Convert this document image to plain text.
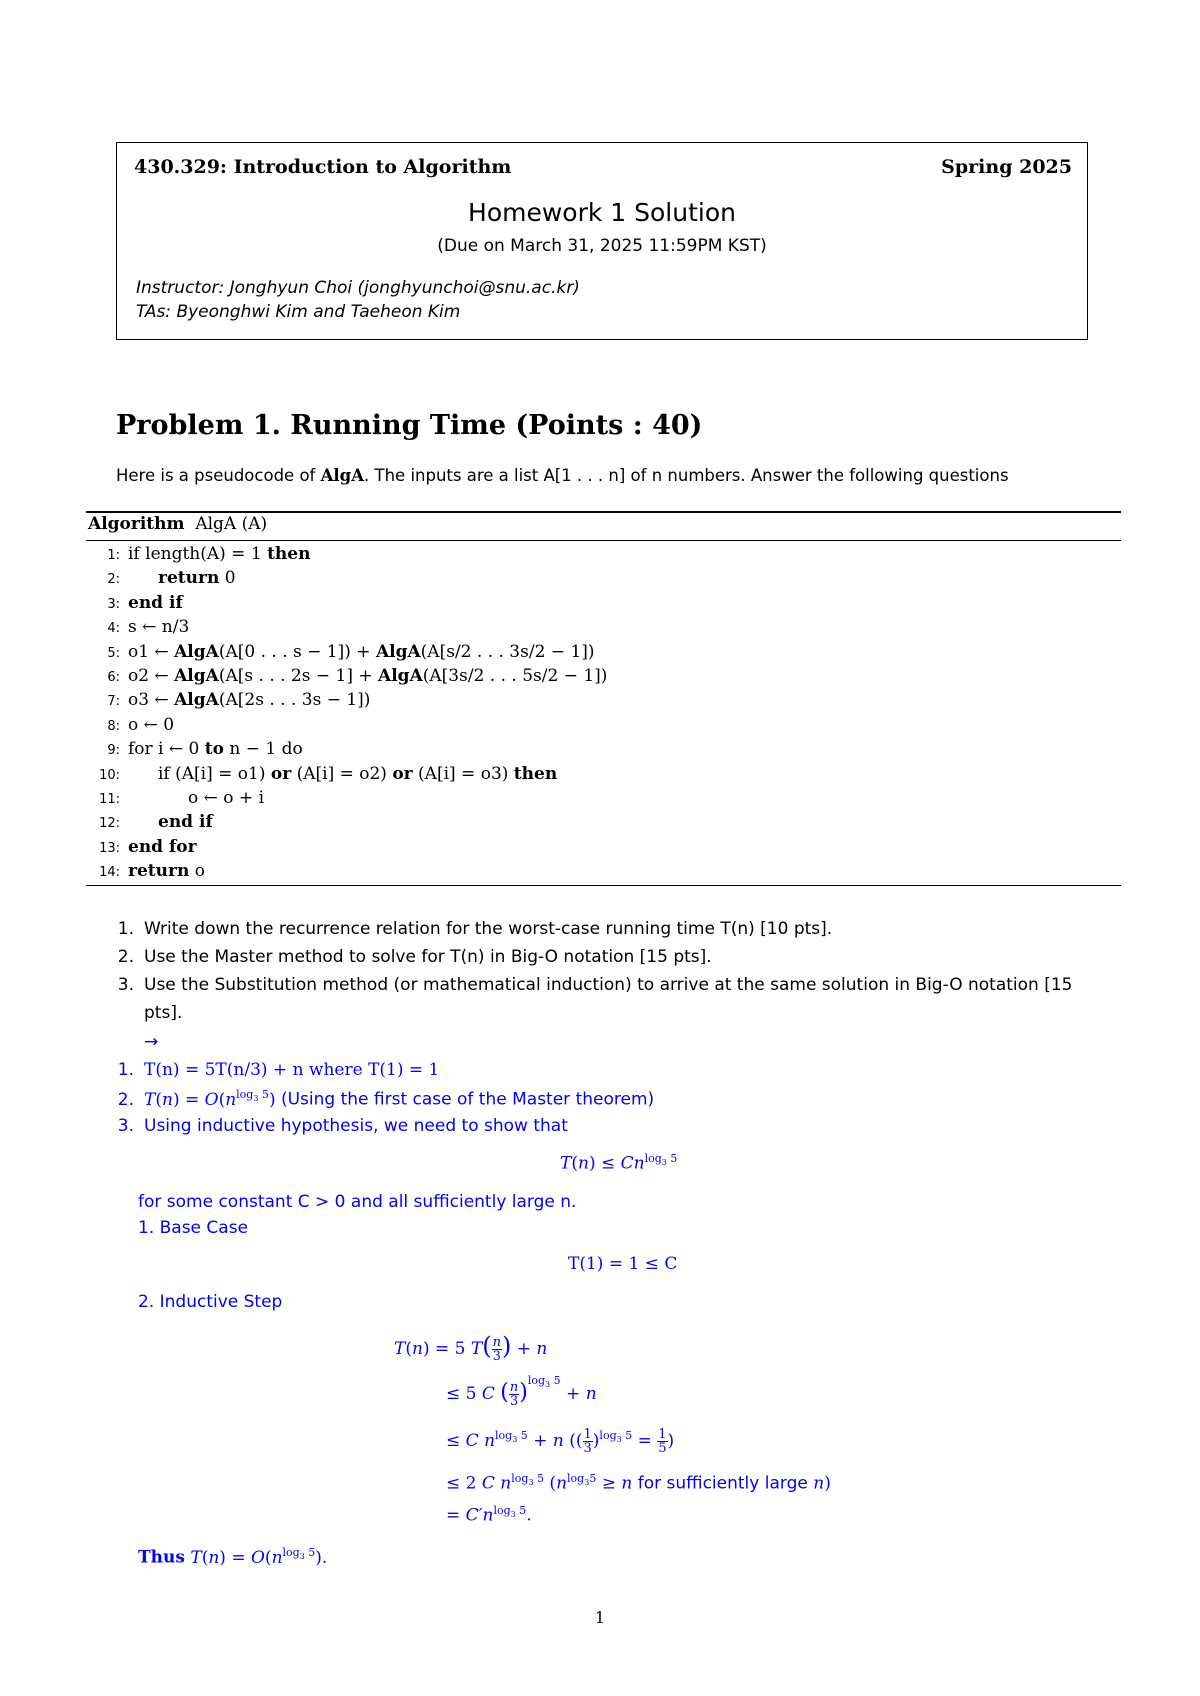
430.329: Introduction to Algorithm	Spring 2025
Homework 1 Solution
(Due on March 31, 2025 11:59PM KST)
Instructor: Jonghyun Choi (jonghyunchoi@snu.ac.kr)
TAs: Byeonghwi Kim and Taeheon Kim
Problem 1. Running Time (Points : 40)
Here is a pseudocode of AlgA. The inputs are a list A[1 . . . n] of n numbers. Answer the following questions
Algorithm AlgA (A)
1: if length(A) = 1 then
2: return 0
3: end if
4: s ← n/3
5: o1 ← AlgA(A[0 . . . s − 1]) + AlgA(A[s/2 . . . 3s/2 − 1])
6: o2 ← AlgA(A[s . . . 2s − 1] + AlgA(A[3s/2 . . . 5s/2 − 1])
7: o3 ← AlgA(A[2s . . . 3s − 1])
8: o ← 0
9: for i ← 0 to n − 1 do
10: if (A[i] = o1) or (A[i] = o2) or (A[i] = o3) then
11:	o ← o + i
12: end if
13: end for
14: return o
1. Write down the recurrence relation for the worst-case running time T(n) [10 pts].
2. Use the Master method to solve for T(n) in Big-O notation [15 pts].
3. Use the Substitution method (or mathematical induction) to arrive at the same solution in Big-O notation [15
pts].
→
1. T(n) = 5T(n/3) + n where T(1) = 1
2. $T(n) = O(n^{log_3 5})$ (Using the first case of the Master theorem)
3. Using inductive hypothesis, we need to show that
$T(n) \le Cn^{log_3 5}$
for some constant C > 0 and all sufficiently large n.
1. Base Case
T(1) = 1 ≤ C
2. Inductive Step
T(n) = 5 $T( \frac{n}{3}$ ) + n
≤ 5 C ( $\frac{n}{3} )^{log_3 5} + n$
≤ C $n^{log_3 5} + n$ (( $\frac{1}{3} )^{log_3 5} = \frac{1}{5}$ )
≤ 2 C $n^{log_3 5}$ ($n^{log_35} \ge n$ for sufficiently large n)
= $C'n^{log_3 5}$.
Thus $T(n) = O(n^{log_3 5})$.
1
